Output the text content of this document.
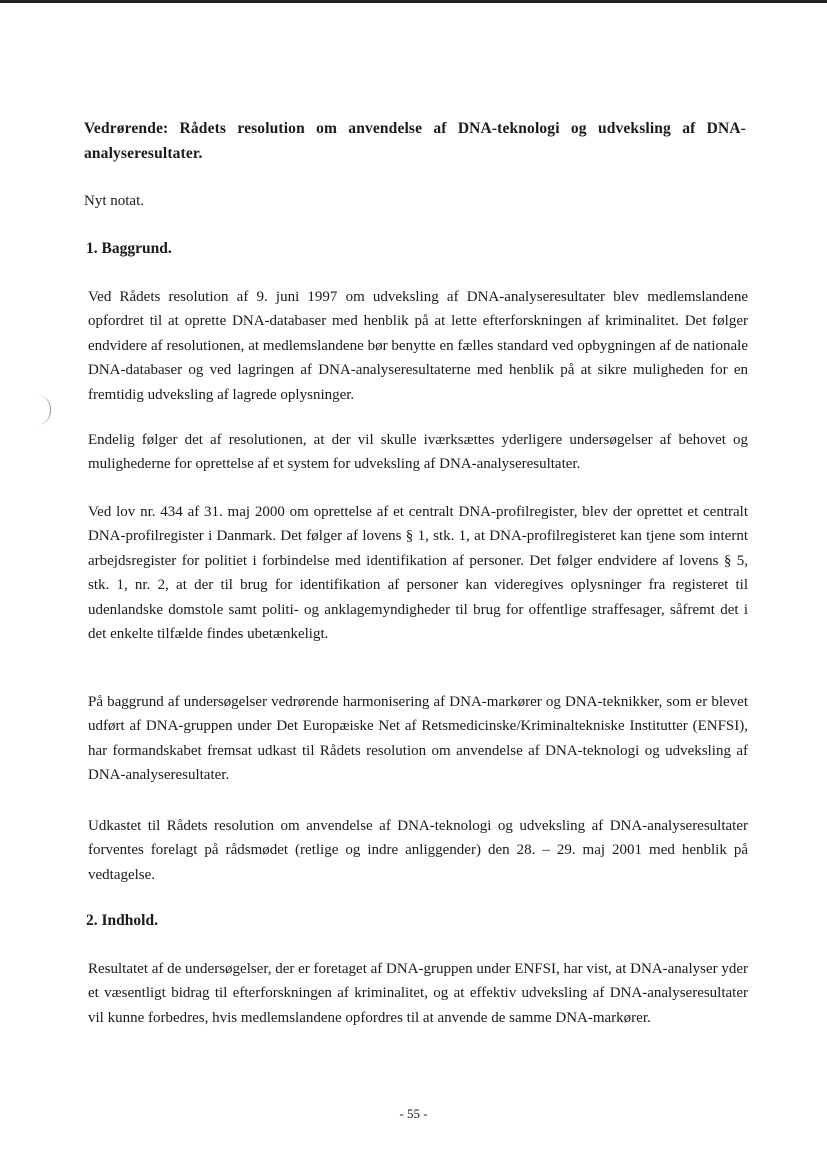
Vedrørende: Rådets resolution om anvendelse af DNA-teknologi og udveksling af DNA-analyseresultater.
Nyt notat.
1. Baggrund.

Ved Rådets resolution af 9. juni 1997 om udveksling af DNA-analyseresultater blev medlemslandene opfordret til at oprette DNA-databaser med henblik på at lette efterforskningen af kriminalitet. Det følger endvidere af resolutionen, at medlemslandene bør benytte en fælles standard ved opbygningen af de nationale DNA-databaser og ved lagringen af DNA-analyseresultaterne med henblik på at sikre muligheden for en fremtidig udveksling af lagrede oplysninger.

Endelig følger det af resolutionen, at der vil skulle iværksættes yderligere undersøgelser af behovet og mulighederne for oprettelse af et system for udveksling af DNA-analyseresultater.

Ved lov nr. 434 af 31. maj 2000 om oprettelse af et centralt DNA-profilregister, blev der oprettet et centralt DNA-profilregister i Danmark. Det følger af lovens § 1, stk. 1, at DNA-profilregisteret kan tjene som internt arbejdsregister for politiet i forbindelse med identifikation af personer. Det følger endvidere af lovens § 5, stk. 1, nr. 2, at der til brug for identifikation af personer kan videregives oplysninger fra registeret til udenlandske domstole samt politi- og anklagemyndigheder til brug for offentlige straffesager, såfremt det i det enkelte tilfælde findes ubetænkeligt.

På baggrund af undersøgelser vedrørende harmonisering af DNA-markører og DNA-teknikker, som er blevet udført af DNA-gruppen under Det Europæiske Net af Retsmedicinske/Kriminaltekniske Institutter (ENFSI), har formandskabet fremsat udkast til Rådets resolution om anvendelse af DNA-teknologi og udveksling af DNA-analyseresultater.

Udkastet til Rådets resolution om anvendelse af DNA-teknologi og udveksling af DNA-analyseresultater forventes forelagt på rådsmødet (retlige og indre anliggender) den 28. – 29. maj 2001 med henblik på vedtagelse.

2. Indhold.

Resultatet af de undersøgelser, der er foretaget af DNA-gruppen under ENFSI, har vist, at DNA-analyser yder et væsentligt bidrag til efterforskningen af kriminalitet, og at effektiv udveksling af DNA-analyseresultater vil kunne forbedres, hvis medlemslandene opfordres til at anvende de samme DNA-markører.

- 55 -
